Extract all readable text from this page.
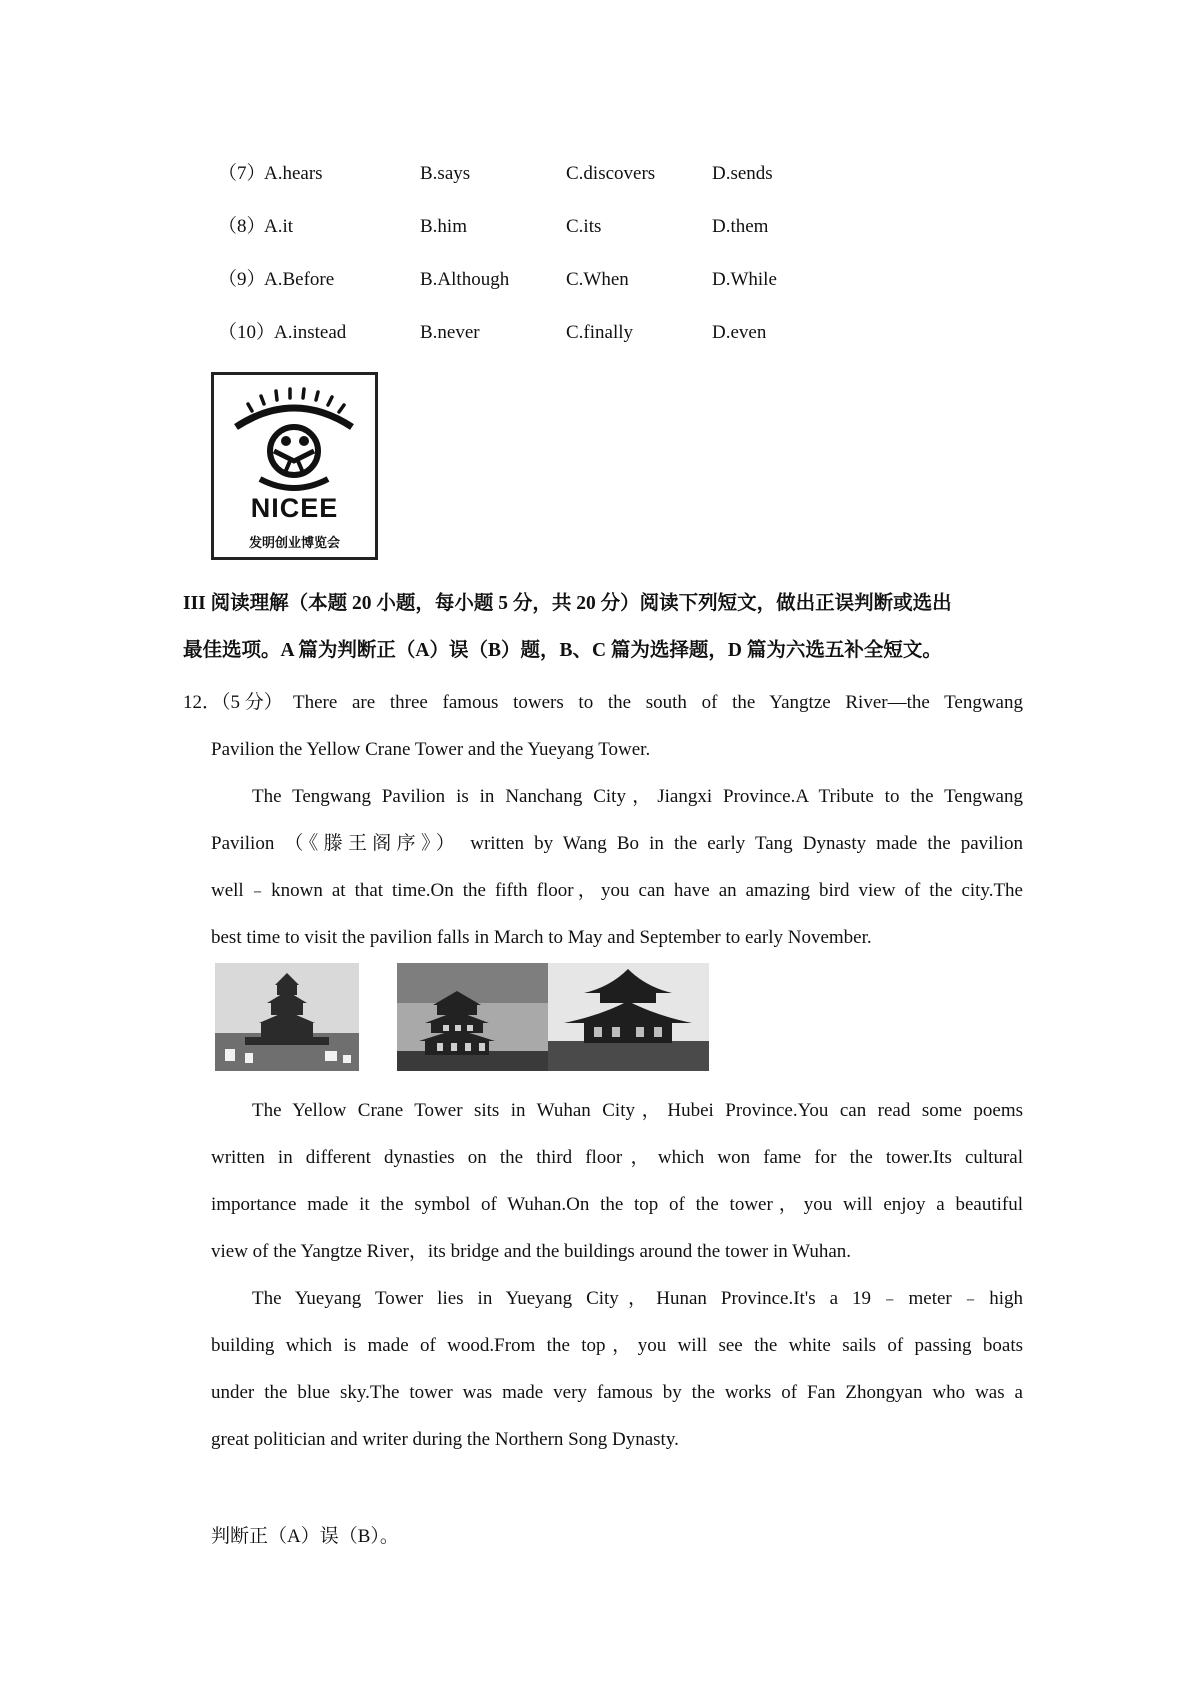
（7）
A.hears	B.says	C.discovers	D.sends
（8）
A.it	B.him	C.its	D.them
（9）
A.Before	B.Although	C.When	D.While
（10）
A.instead	B.never	C.finally	D.even
NICEE
发明创业博览会
III 阅读理解（本题 20 小题，每小题 5 分，共 20 分）阅读下列短文，做出正误判断或选出
最佳选项。A 篇为判断正（A）误（B）题，B、C 篇为选择题，D 篇为六选五补全短文。
12．（5 分） There are three famous towers to the south of the Yangtze River—the Tengwang
Pavilion the Yellow Crane Tower and the Yueyang Tower.
The Tengwang Pavilion is in Nanchang City，Jiangxi Province.A Tribute to the Tengwang
Pavilion （《滕王阁序》） written by Wang Bo in the early Tang Dynasty made the pavilion
well﹣known at that time.On the fifth floor，you can have an amazing bird view of the city.The
best time to visit the pavilion falls in March to May and September to early November.
The Yellow Crane Tower sits in Wuhan City，Hubei Province.You can read some poems
written in different dynasties on the third floor，which won fame for the tower.Its cultural
importance made it the symbol of Wuhan.On the top of the tower，you will enjoy a beautiful
view of the Yangtze River，its bridge and the buildings around the tower in Wuhan.
The Yueyang Tower lies in Yueyang City，Hunan Province.It's a 19﹣meter﹣high
building which is made of wood.From the top，you will see the white sails of passing boats
under the blue sky.The tower was made very famous by the works of Fan Zhongyan who was a
great politician and writer during the Northern Song Dynasty.
判断正（A）误（B）。
